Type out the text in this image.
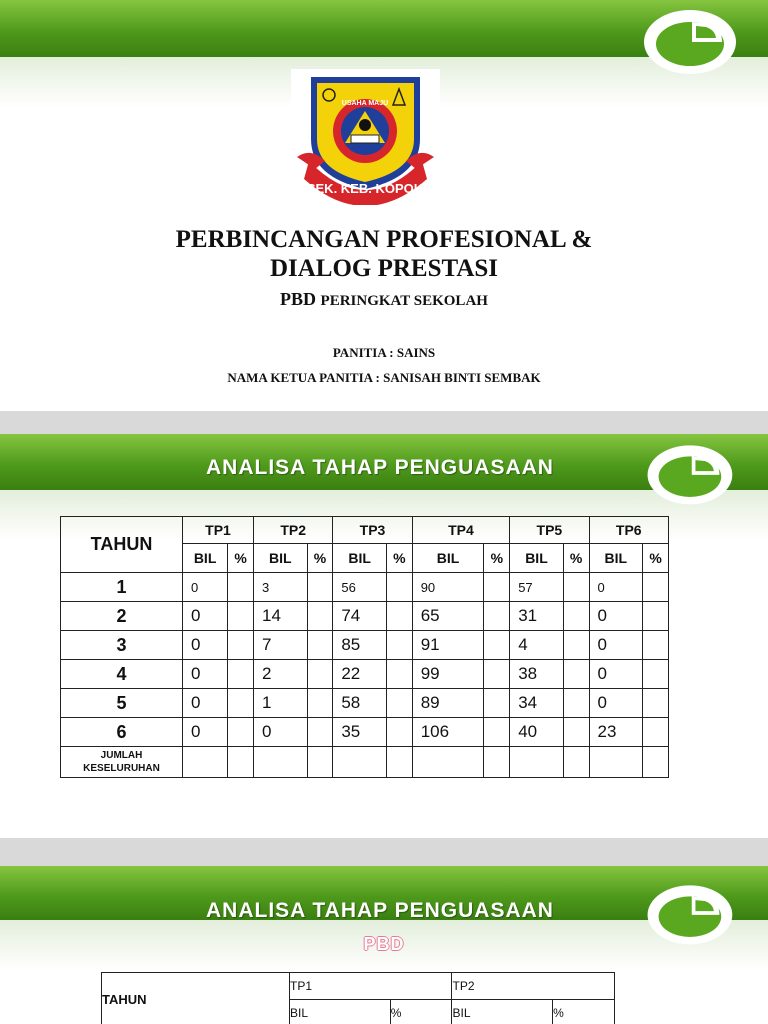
SEK. KEB. KOPOK
USAHA MAJU
PERBINCANGAN PROFESIONAL &
DIALOG PRESTASI
PBD PERINGKAT SEKOLAH
PANITIA : SAINS
NAMA KETUA PANITIA : SANISAH BINTI SEMBAK
ANALISA TAHAP PENGUASAAN
TAHUN	TP1		TP2		TP3		TP4		TP5		TP6	
	BIL	%	BIL	%	BIL	%	BIL	%	BIL	%	BIL	%
1	0		3		56		90		57		0	
2	0		14		74		65		31		0	
3	0		7		85		91		4		0	
4	0		2		22		99		38		0	
5	0		1		58		89		34		0	
6	0		0		35		106		40		23	

JUMLAH
KESELURUHAN												

ANALISA TAHAP PENGUASAAN
PBD
TAHUN	TP1		TP2	
	BIL	%	BIL	%
